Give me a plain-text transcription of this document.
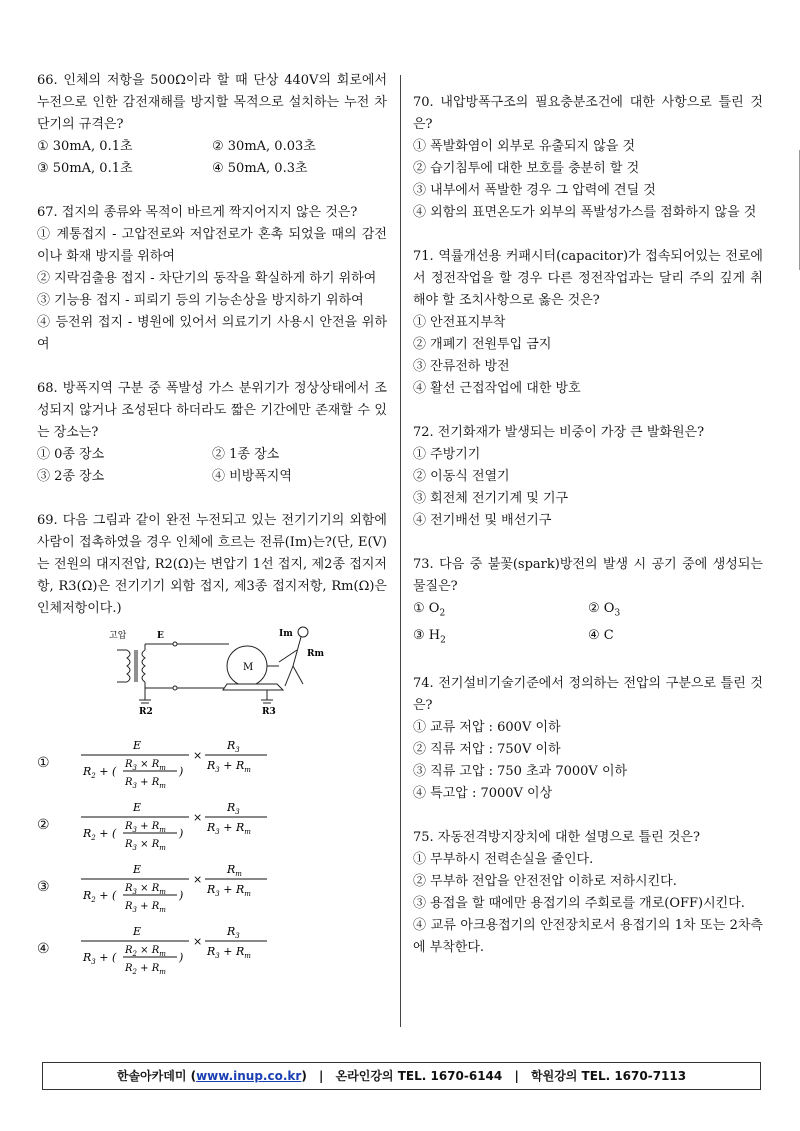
66. 인체의 저항을 500Ω이라 할 때 단상 440V의 회로에서 누전으로 인한 감전재해를 방지할 목적으로 설치하는 누전 차단기의 규격은?

① 30mA, 0.1초	② 30mA, 0.03초
③ 50mA, 0.1초	④ 50mA, 0.3초

67. 접지의 종류와 목적이 바르게 짝지어지지 않은 것은?

① 계통접지 - 고압전로와 저압전로가 혼촉 되었을 때의 감전이나 화재 방지를 위하여

② 지락검출용 접지 - 차단기의 동작을 확실하게 하기 위하여

③ 기능용 접지 - 피뢰기 등의 기능손상을 방지하기 위하여

④ 등전위 접지 - 병원에 있어서 의료기기 사용시 안전을 위하여

68. 방폭지역 구분 중 폭발성 가스 분위기가 정상상태에서 조성되지 않거나 조성된다 하더라도 짧은 기간에만 존재할 수 있는 장소는?

① 0종 장소	② 1종 장소
③ 2종 장소	④ 비방폭지역

69. 다음 그림과 같이 완전 누전되고 있는 전기기기의 외함에 사람이 접촉하였을 경우 인체에 흐르는 전류(Im)는?(단, E(V)는 전원의 대지전압, R2(Ω)는 변압기 1선 접지, 제2종 접지저항, R3(Ω)은 전기기기 외함 접지, 제3종 접지저항, Rm(Ω)은 인체저항이다.)

고압	E
R2
M
R3
Im
Rm
①
E
$R_2$ + (
$R_3 \times R_m$
$R_3 + R_m$
)
×
$R_3$
$R_3 + R_m$
②
E
$R_2$ + (
$R_3 + R_m$
$R_3 \times R_m$
)
×
$R_3$
$R_3 + R_m$
③
E
$R_2$ + (
$R_3 \times R_m$
$R_3 + R_m$
)
×
$R_m$
$R_3 + R_m$
④
E
$R_3$ + (
$R_2 \times R_m$
$R_2 + R_m$
)
×
$R_3$
$R_3 + R_m$

70. 내압방폭구조의 필요충분조건에 대한 사항으로 틀린 것은?

① 폭발화염이 외부로 유출되지 않을 것

② 습기침투에 대한 보호를 충분히 할 것

③ 내부에서 폭발한 경우 그 압력에 견딜 것

④ 외함의 표면온도가 외부의 폭발성가스를 점화하지 않을 것

71. 역률개선용 커패시터(capacitor)가 접속되어있는 전로에서 정전작업을 할 경우 다른 정전작업과는 달리 주의 깊게 취해야 할 조치사항으로 옳은 것은?

① 안전표지부착

② 개폐기 전원투입 금지

③ 잔류전하 방전

④ 활선 근접작업에 대한 방호

72. 전기화재가 발생되는 비중이 가장 큰 발화원은?

① 주방기기

② 이동식 전열기

③ 회전체 전기기계 및 기구

④ 전기배선 및 배선기구

73. 다음 중 불꽃(spark)방전의 발생 시 공기 중에 생성되는 물질은?

① $O_2$	② $O_3$
③ $H_2$	④ C

74. 전기설비기술기준에서 정의하는 전압의 구분으로 틀린 것은?

① 교류 저압 : 600V 이하

② 직류 저압 : 750V 이하

③ 직류 고압 : 750 초과 7000V 이하

④ 특고압 : 7000V 이상

75. 자동전격방지장치에 대한 설명으로 틀린 것은?

① 무부하시 전력손실을 줄인다.

② 무부하 전압을 안전전압 이하로 저하시킨다.

③ 용접을 할 때에만 용접기의 주회로를 개로(OFF)시킨다.

④ 교류 아크용접기의 안전장치로서 용접기의 1차 또는 2차측에 부착한다.

한솔아카데미 (www.inup.co.kr) | 온라인강의 TEL. 1670-6144 | 학원강의 TEL. 1670-7113
